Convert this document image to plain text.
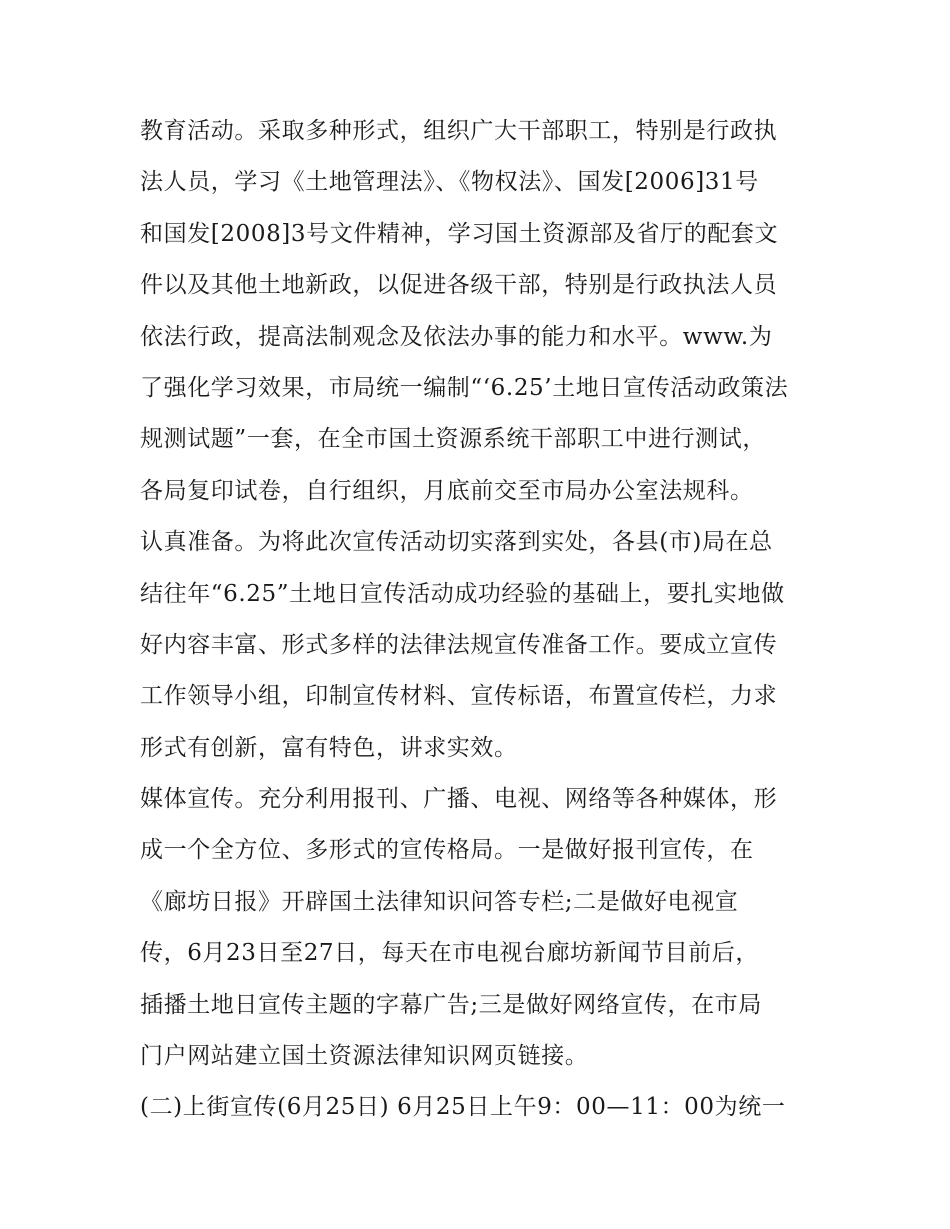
教育活动。采取多种形式，组织广大干部职工，特别是行政执
法人员，学习《土地管理法》、《物权法》、国发[2006]31号
和国发[2008]3号文件精神，学习国土资源部及省厅的配套文
件以及其他土地新政，以促进各级干部，特别是行政执法人员
依法行政，提高法制观念及依法办事的能力和水平。www.为
了强化学习效果，市局统一编制“‘6.25’土地日宣传活动政策法
规测试题”一套，在全市国土资源系统干部职工中进行测试，
各局复印试卷，自行组织，月底前交至市局办公室法规科。
认真准备。为将此次宣传活动切实落到实处，各县(市)局在总
结往年“6.25”土地日宣传活动成功经验的基础上，要扎实地做
好内容丰富、形式多样的法律法规宣传准备工作。要成立宣传
工作领导小组，印制宣传材料、宣传标语，布置宣传栏，力求
形式有创新，富有特色，讲求实效。
媒体宣传。充分利用报刊、广播、电视、网络等各种媒体，形
成一个全方位、多形式的宣传格局。一是做好报刊宣传，在
《廊坊日报》开辟国土法律知识问答专栏;二是做好电视宣
传，6月23日至27日，每天在市电视台廊坊新闻节目前后，
插播土地日宣传主题的字幕广告;三是做好网络宣传，在市局
门户网站建立国土资源法律知识网页链接。
(二)上街宣传(6月25日) 6月25日上午9：00—11：00为统一
